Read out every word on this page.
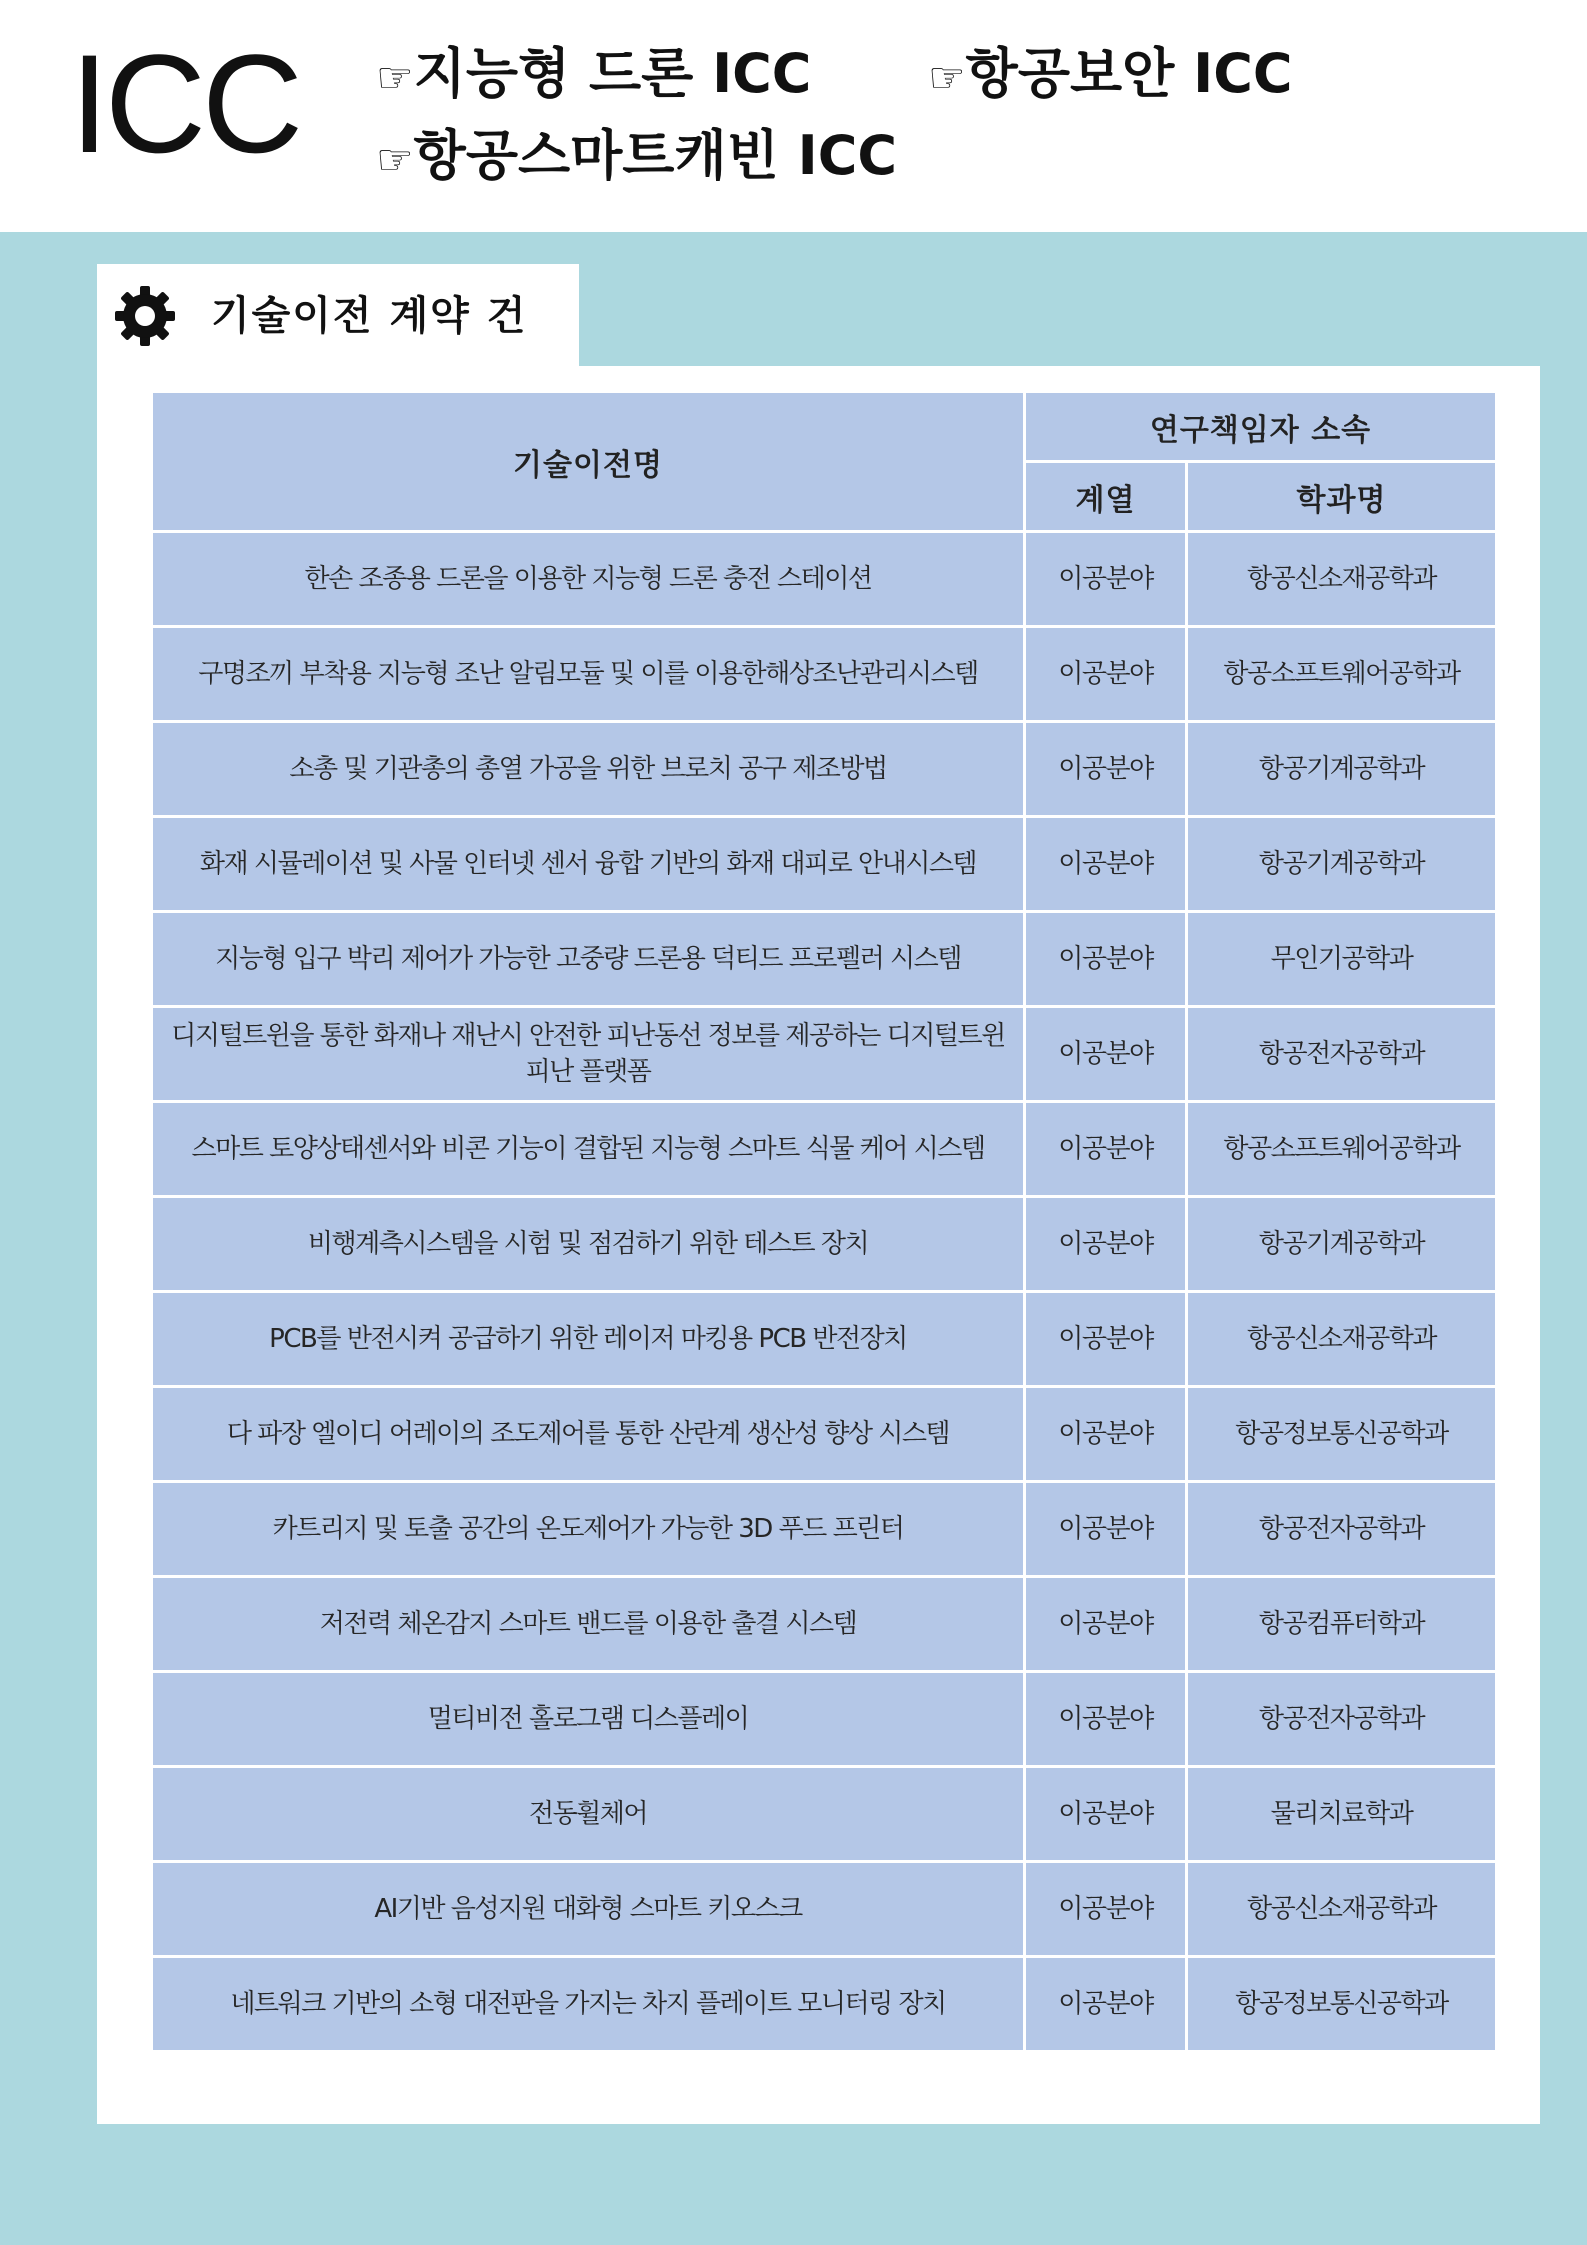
ICC ☞지능형 드론 ICC	☞항공보안 ICC
☞항공스마트캐빈 ICC
기술이전 계약 건
기술이전명	연구책임자 소속	
	계열	학과명
한손 조종용 드론을 이용한 지능형 드론 충전 스테이션	이공분야	항공신소재공학과
구명조끼 부착용 지능형 조난 알림모듈 및 이를 이용한해상조난관리시스템	이공분야	항공소프트웨어공학과
소총 및 기관총의 총열 가공을 위한 브로치 공구 제조방법	이공분야	항공기계공학과
화재 시뮬레이션 및 사물 인터넷 센서 융합 기반의 화재 대피로 안내시스템	이공분야	항공기계공학과
지능형 입구 박리 제어가 가능한 고중량 드론용 덕티드 프로펠러 시스템	이공분야	무인기공학과
디지털트윈을 통한 화재나 재난시 안전한 피난동선 정보를 제공하는 디지털트윈 피난 플랫폼	이공분야	항공전자공학과
스마트 토양상태센서와 비콘 기능이 결합된 지능형 스마트 식물 케어 시스템	이공분야	항공소프트웨어공학과
비행계측시스템을 시험 및 점검하기 위한 테스트 장치	이공분야	항공기계공학과
PCB를 반전시켜 공급하기 위한 레이저 마킹용 PCB 반전장치	이공분야	항공신소재공학과
다 파장 엘이디 어레이의 조도제어를 통한 산란계 생산성 향상 시스템	이공분야	항공정보통신공학과
카트리지 및 토출 공간의 온도제어가 가능한 3D 푸드 프린터	이공분야	항공전자공학과
저전력 체온감지 스마트 밴드를 이용한 출결 시스템	이공분야	항공컴퓨터학과
멀티비전 홀로그램 디스플레이	이공분야	항공전자공학과
전동휠체어	이공분야	물리치료학과
AI기반 음성지원 대화형 스마트 키오스크	이공분야	항공신소재공학과
네트워크 기반의 소형 대전판을 가지는 차지 플레이트 모니터링 장치	이공분야	항공정보통신공학과
